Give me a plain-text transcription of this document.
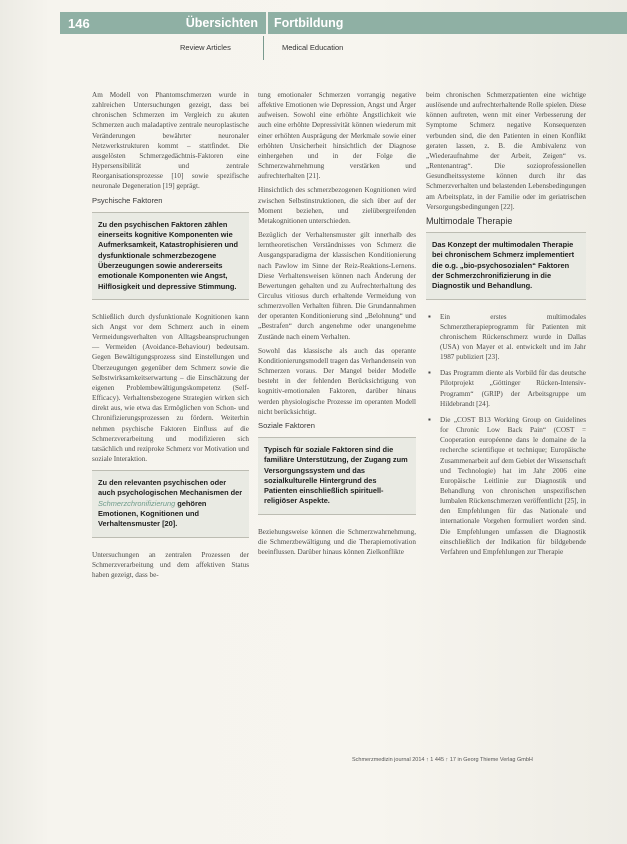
146	Übersichten	Fortbildung
Review Articles	Medical Education

Am Modell von Phantomschmerzen wurde in zahlreichen Untersuchungen gezeigt, dass bei chronischen Schmerzen im Vergleich zu akuten Schmerzen auch maladaptive zentrale neuroplastische Veränderungen bewährter neuronaler Netzwerkstrukturen kommt – stattfindet. Die ausgelösten Schmerzgedächtnis-Faktoren eine Hypersensibilität und zentrale Reorganisationsprozesse [10] sowie spezifische neuronale Degeneration [19] geprägt.

Psychische Faktoren
Zu den psychischen Faktoren zählen einerseits kognitive Komponenten wie Aufmerksamkeit, Katastrophisieren und dysfunktionale schmerzbezogene Überzeugungen sowie andererseits emotionale Komponenten wie Angst, Hilflosigkeit und depressive Stimmung.

Schließlich durch dysfunktionale Kognitionen kann sich Angst vor dem Schmerz auch in einem Vermeidungsverhalten von Alltagsbeanspruchungen — Vermeiden (Avoidance-Behaviour) bedeutsam. Gegen Bewältigungsprozess sind Einstellungen und Überzeugungen gegenüber dem Schmerz sowie die Selbstwirksamkeitserwartung – die Einschätzung der eigenen Problembewältigungskompetenz (Self-Efficacy). Verhaltensbezogene Strategien wirken sich direkt aus, wie etwa das Ermöglichen von Schon- und Chronifizierungsprozessen zu fördern. Weiterhin nehmen psychische Faktoren Einfluss auf die Schmerzverarbeitung und modifizieren sich tatsächlich und reziproke Schmerz vor Motivation und soziale Interaktion.

Zu den relevanten psychischen oder auch psychologischen Mechanismen der Schmerzchronifizierung gehören Emotionen, Kognitionen und Verhaltensmuster [20].

Untersuchungen an zentralen Prozessen der Schmerzverarbeitung und dem affektiven Status haben gezeigt, dass be-

tung emotionaler Schmerzen vorrangig negative affektive Emotionen wie Depression, Angst und Ärger aufweisen. Sowohl eine erhöhte Ängstlichkeit wie auch eine erhöhte Depressivität können wiederum mit einer erhöhten Ausprägung der Merkmale sowie einer erhöhten Unsicherheit hinsichtlich der Diagnose einhergehen und in der Folge die Schmerzwahrnehmung verstärken und aufrechterhalten [21].

Hinsichtlich des schmerzbezogenen Kognitionen wird zwischen Selbstinstruktionen, die sich über auf der Moment beziehen, und zielübergreifenden Metakognitionen unterschieden.

Bezüglich der Verhaltensmuster gilt innerhalb des lerntheoretischen Verständnisses von Schmerz die Ausgangsparadigma der klassischen Konditionierung nach Pawlow im Sinne der Reiz-Reaktions-Lernens. Diese Verhaltensweisen können nach Änderung der Bewertungen gehalten und zu Aufrechterhaltung des Circulus vitiosus durch erhaltende Vermeidung von schmerzvollen Verhalten führen. Die Grundannahmen der operanten Konditionierung sind „Belohnung“ und „Bestrafen“ durch angenehme oder unangenehme Zustände nach einem Verhalten.

Sowohl das klassische als auch das operante Konditionierungsmodell tragen das Verhandensein von Schmerzen voraus. Der Mangel beider Modelle besteht in der fehlenden Berücksichtigung von kognitiv-emotionalen Faktoren, darüber hinaus werden physiologische Prozesse im operanten Modell nicht berücksichtigt.

Soziale Faktoren
Typisch für soziale Faktoren sind die familiäre Unterstützung, der Zugang zum Versorgungssystem und das sozialkulturelle Hintergrund des Patienten einschließlich spirituell-religiöser Aspekte.

Beziehungsweise können die Schmerzwahrnehmung, die Schmerzbewältigung und die Therapiemotivation beeinflussen. Darüber hinaus können Zielkonflikte

beim chronischen Schmerzpatienten eine wichtige auslösende und aufrechterhaltende Rolle spielen. Diese können auftreten, wenn mit einer Verbesserung der Symptome Schmerz negative Konsequenzen verbunden sind, die den Patienten in einen Konflikt geraten lassen, z. B. die Ambivalenz von „Wiederaufnahme der Arbeit, Zeigen“ vs. „Rentenantrag“. Die sozioprofessionellen Gesundheitssysteme können durch ihr das Schmerzverhalten und belastenden Lebensbedingungen am Arbeitsplatz, in der Familie oder im geriatrischen Versorgungsbedingungen [22].

Multimodale Therapie
Das Konzept der multimodalen Therapie bei chronischem Schmerz implementiert die o.g. „bio-psychosozialen“ Faktoren der Schmerzchronifizierung in die Diagnostik und Behandlung.
▪ Ein erstes multimodales Schmerztherapieprogramm für Patienten mit chronischem Rückenschmerz wurde in Dallas (USA) von Mayer et al. entwickelt und im Jahr 1987 publiziert [23].
▪ Das Programm diente als Vorbild für das deutsche Pilotprojekt „Göttinger Rücken-Intensiv-Programm“ (GRIP) der Arbeitsgruppe um Hildebrandt [24].
▪ Die „COST B13 Working Group on Guidelines for Chronic Low Back Pain“ (COST = Cooperation européenne dans le domaine de la recherche scientifique et technique; Europäische Zusammenarbeit auf dem Gebiet der Wissenschaft und Technologie) hat im Jahr 2006 eine Europäische Leitlinie zur Diagnostik und Behandlung von chronischen unspezifischen lumbalen Rückenschmerzen veröffentlicht [25], in den Empfehlungen für das Nationale und internationale Vorgehen formuliert worden sind. Die Empfehlungen umfassen die Diagnostik einschließlich der Indikation für bildgebende Verfahren und Empfehlungen zur Therapie
Schmerzmedizin journal 2014 ↑ 1 445 ↑ 17 in Georg Thieme Verlag GmbH
